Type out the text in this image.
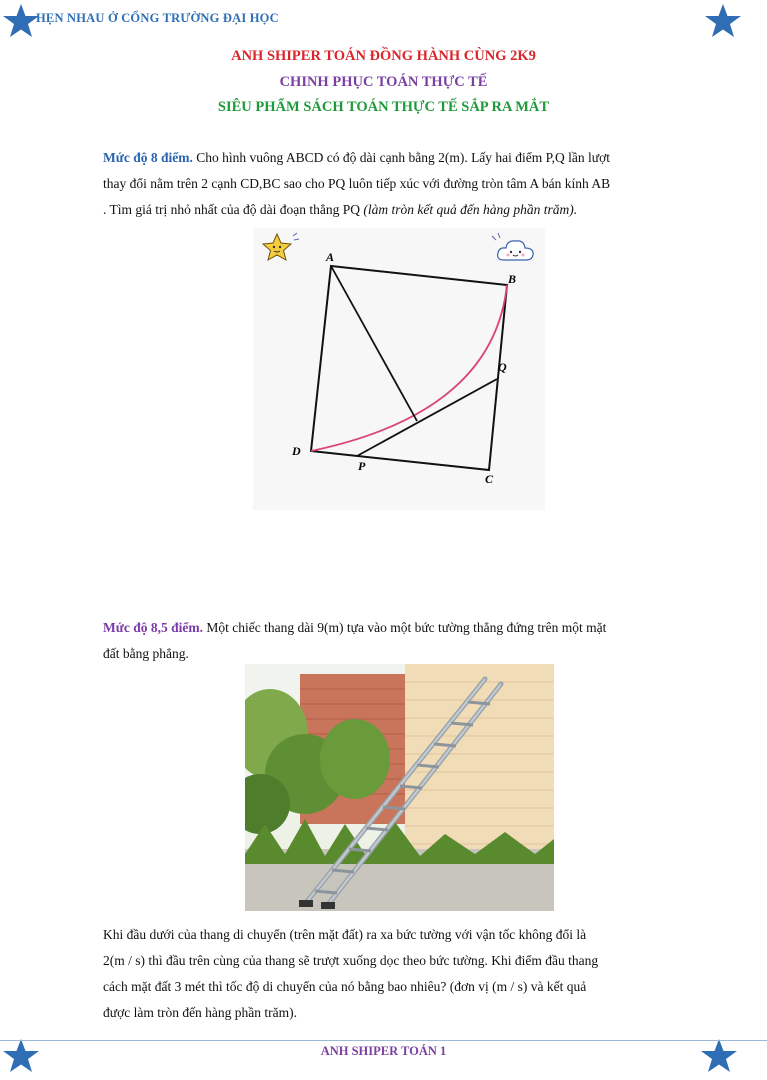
HẸN NHAU Ở CỔNG TRƯỜNG ĐẠI HỌC
ANH SHIPER TOÁN ĐỒNG HÀNH CÙNG 2K9
CHINH PHỤC TOÁN THỰC TẾ
SIÊU PHẨM SÁCH TOÁN THỰC TẾ SẮP RA MẮT
Mức độ 8 điểm. Cho hình vuông ABCD có độ dài cạnh bằng 2(m). Lấy hai điểm P,Q lần lượt
thay đổi nằm trên 2 cạnh CD,BC sao cho PQ luôn tiếp xúc với đường tròn tâm A bán kính AB
. Tìm giá trị nhỏ nhất của độ dài đoạn thẳng PQ (làm tròn kết quả đến hàng phần trăm).
A
B
Q
D
P
C
Mức độ 8,5 điểm. Một chiếc thang dài 9(m) tựa vào một bức tường thẳng đứng trên một mặt
đất bằng phẳng.
Khi đầu dưới của thang di chuyển (trên mặt đất) ra xa bức tường với vận tốc không đổi là
2(m / s) thì đầu trên cùng của thang sẽ trượt xuống dọc theo bức tường. Khi điểm đầu thang
cách mặt đất 3 mét thì tốc độ di chuyển của nó bằng bao nhiêu? (đơn vị (m / s) và kết quả
được làm tròn đến hàng phần trăm).
ANH SHIPER TOÁN 1
